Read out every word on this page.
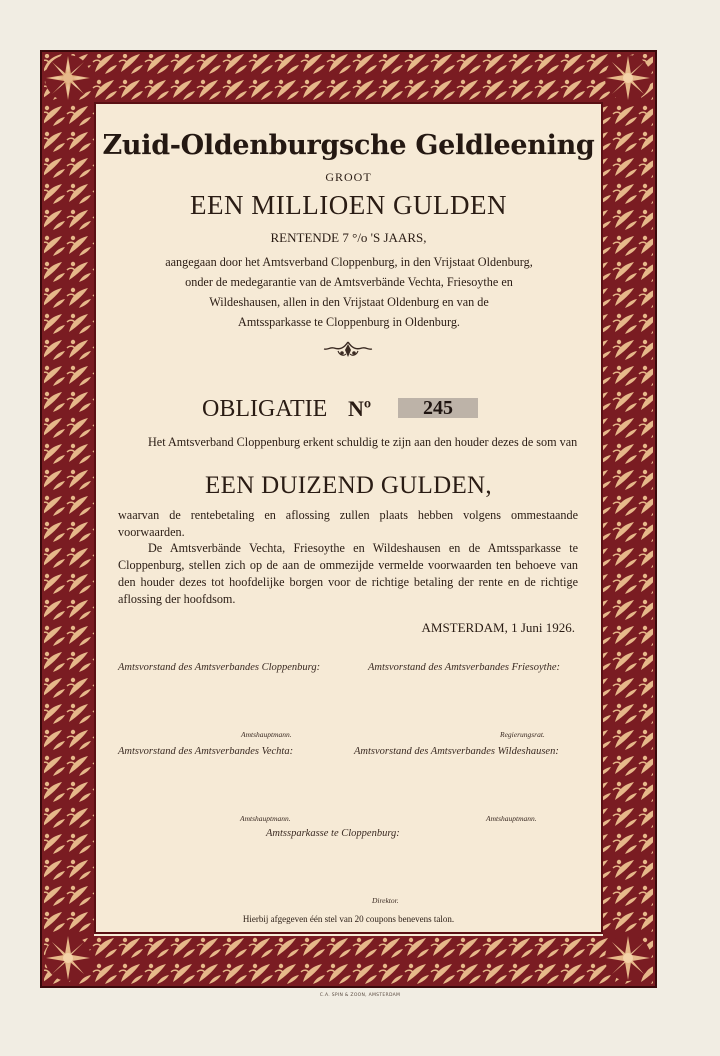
Zuid-Oldenburgsche Geldleening
GROOT
EEN MILLIOEN GULDEN
RENTENDE 7 °/o 'S JAARS,
aangegaan door het Amtsverband Cloppenburg, in den Vrijstaat Oldenburg,
onder de medegarantie van de Amtsverbände Vechta, Friesoythe en
Wildeshausen, allen in den Vrijstaat Oldenburg en van de
Amtssparkasse te Cloppenburg in Oldenburg.
OBLIGATIE Nº	245
Het Amtsverband Cloppenburg erkent schuldig te zijn aan den houder dezes de som van
EEN DUIZEND GULDEN,
waarvan de rentebetaling en aflossing zullen plaats hebben volgens ommestaande voorwaarden.
De Amtsverbände Vechta, Friesoythe en Wildeshausen en de Amtssparkasse te Cloppenburg, stellen zich op de aan de ommezijde vermelde voorwaarden ten behoeve van den houder dezes tot hoofdelijke borgen voor de richtige betaling der rente en de richtige aflossing der hoofdsom.
AMSTERDAM, 1 Juni 1926.
Amtsvorstand des Amtsverbandes Cloppenburg:	Amtsvorstand des Amtsverbandes Friesoythe:
Amtshauptmann.	Regierungsrat.
Amtsvorstand des Amtsverbandes Vechta:	Amtsvorstand des Amtsverbandes Wildeshausen:
Amtshauptmann.	Amtshauptmann.
Amtssparkasse te Cloppenburg:
Direktor.
Hierbij afgegeven één stel van 20 coupons benevens talon.
C.A. SPIN & ZOON, AMSTERDAM
